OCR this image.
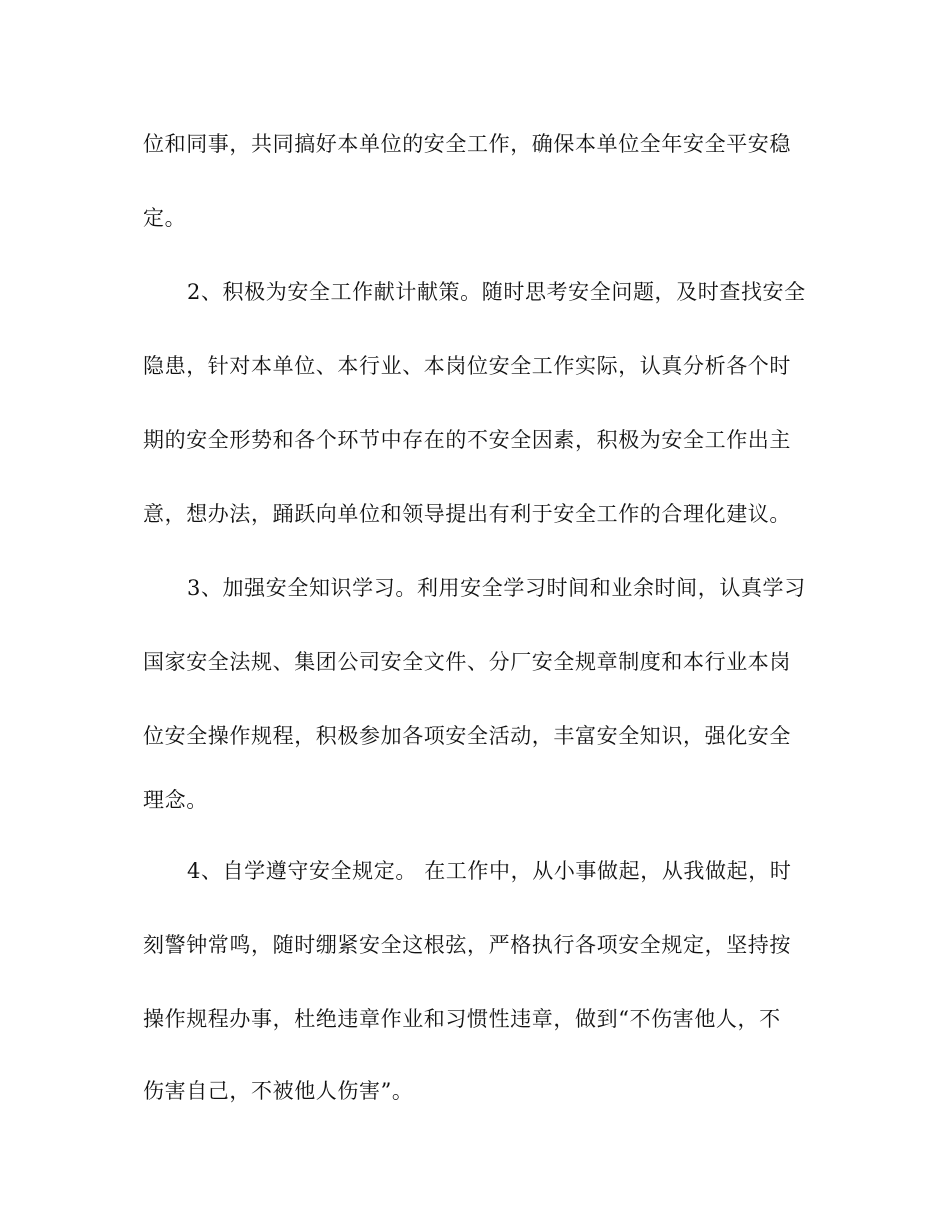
位和同事，共同搞好本单位的安全工作，确保本单位全年安全平安稳
定。
2、积极为安全工作献计献策。随时思考安全问题，及时查找安全
隐患，针对本单位、本行业、本岗位安全工作实际，认真分析各个时
期的安全形势和各个环节中存在的不安全因素，积极为安全工作出主
意，想办法，踊跃向单位和领导提出有利于安全工作的合理化建议。
3、加强安全知识学习。利用安全学习时间和业余时间，认真学习
国家安全法规、集团公司安全文件、分厂安全规章制度和本行业本岗
位安全操作规程，积极参加各项安全活动，丰富安全知识，强化安全
理念。
4、自学遵守安全规定。 在工作中，从小事做起，从我做起，时
刻警钟常鸣，随时绷紧安全这根弦，严格执行各项安全规定，坚持按
操作规程办事，杜绝违章作业和习惯性违章，做到“不伤害他人，不
伤害自己，不被他人伤害”。
